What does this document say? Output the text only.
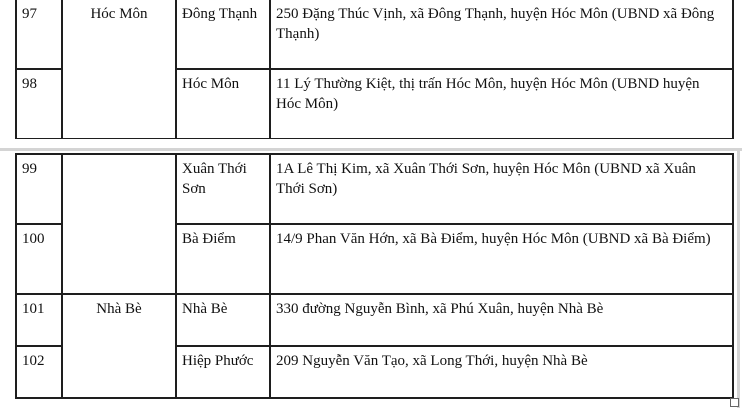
97	Hóc Môn	Đông Thạnh	250 Đặng Thúc Vịnh, xã Đông Thạnh, huyện Hóc Môn (UBND xã Đông Thạnh)
98		Hóc Môn	11 Lý Thường Kiệt, thị trấn Hóc Môn, huyện Hóc Môn (UBND huyện Hóc Môn)
99		Xuân Thới Sơn	1A Lê Thị Kim, xã Xuân Thới Sơn, huyện Hóc Môn (UBND xã Xuân Thới Sơn)
100		Bà Điểm	14/9 Phan Văn Hớn, xã Bà Điểm, huyện Hóc Môn (UBND xã Bà Điểm)
101	Nhà Bè	Nhà Bè	330 đường Nguyễn Bình, xã Phú Xuân, huyện Nhà Bè
102		Hiệp Phước	209 Nguyễn Văn Tạo, xã Long Thới, huyện Nhà Bè
